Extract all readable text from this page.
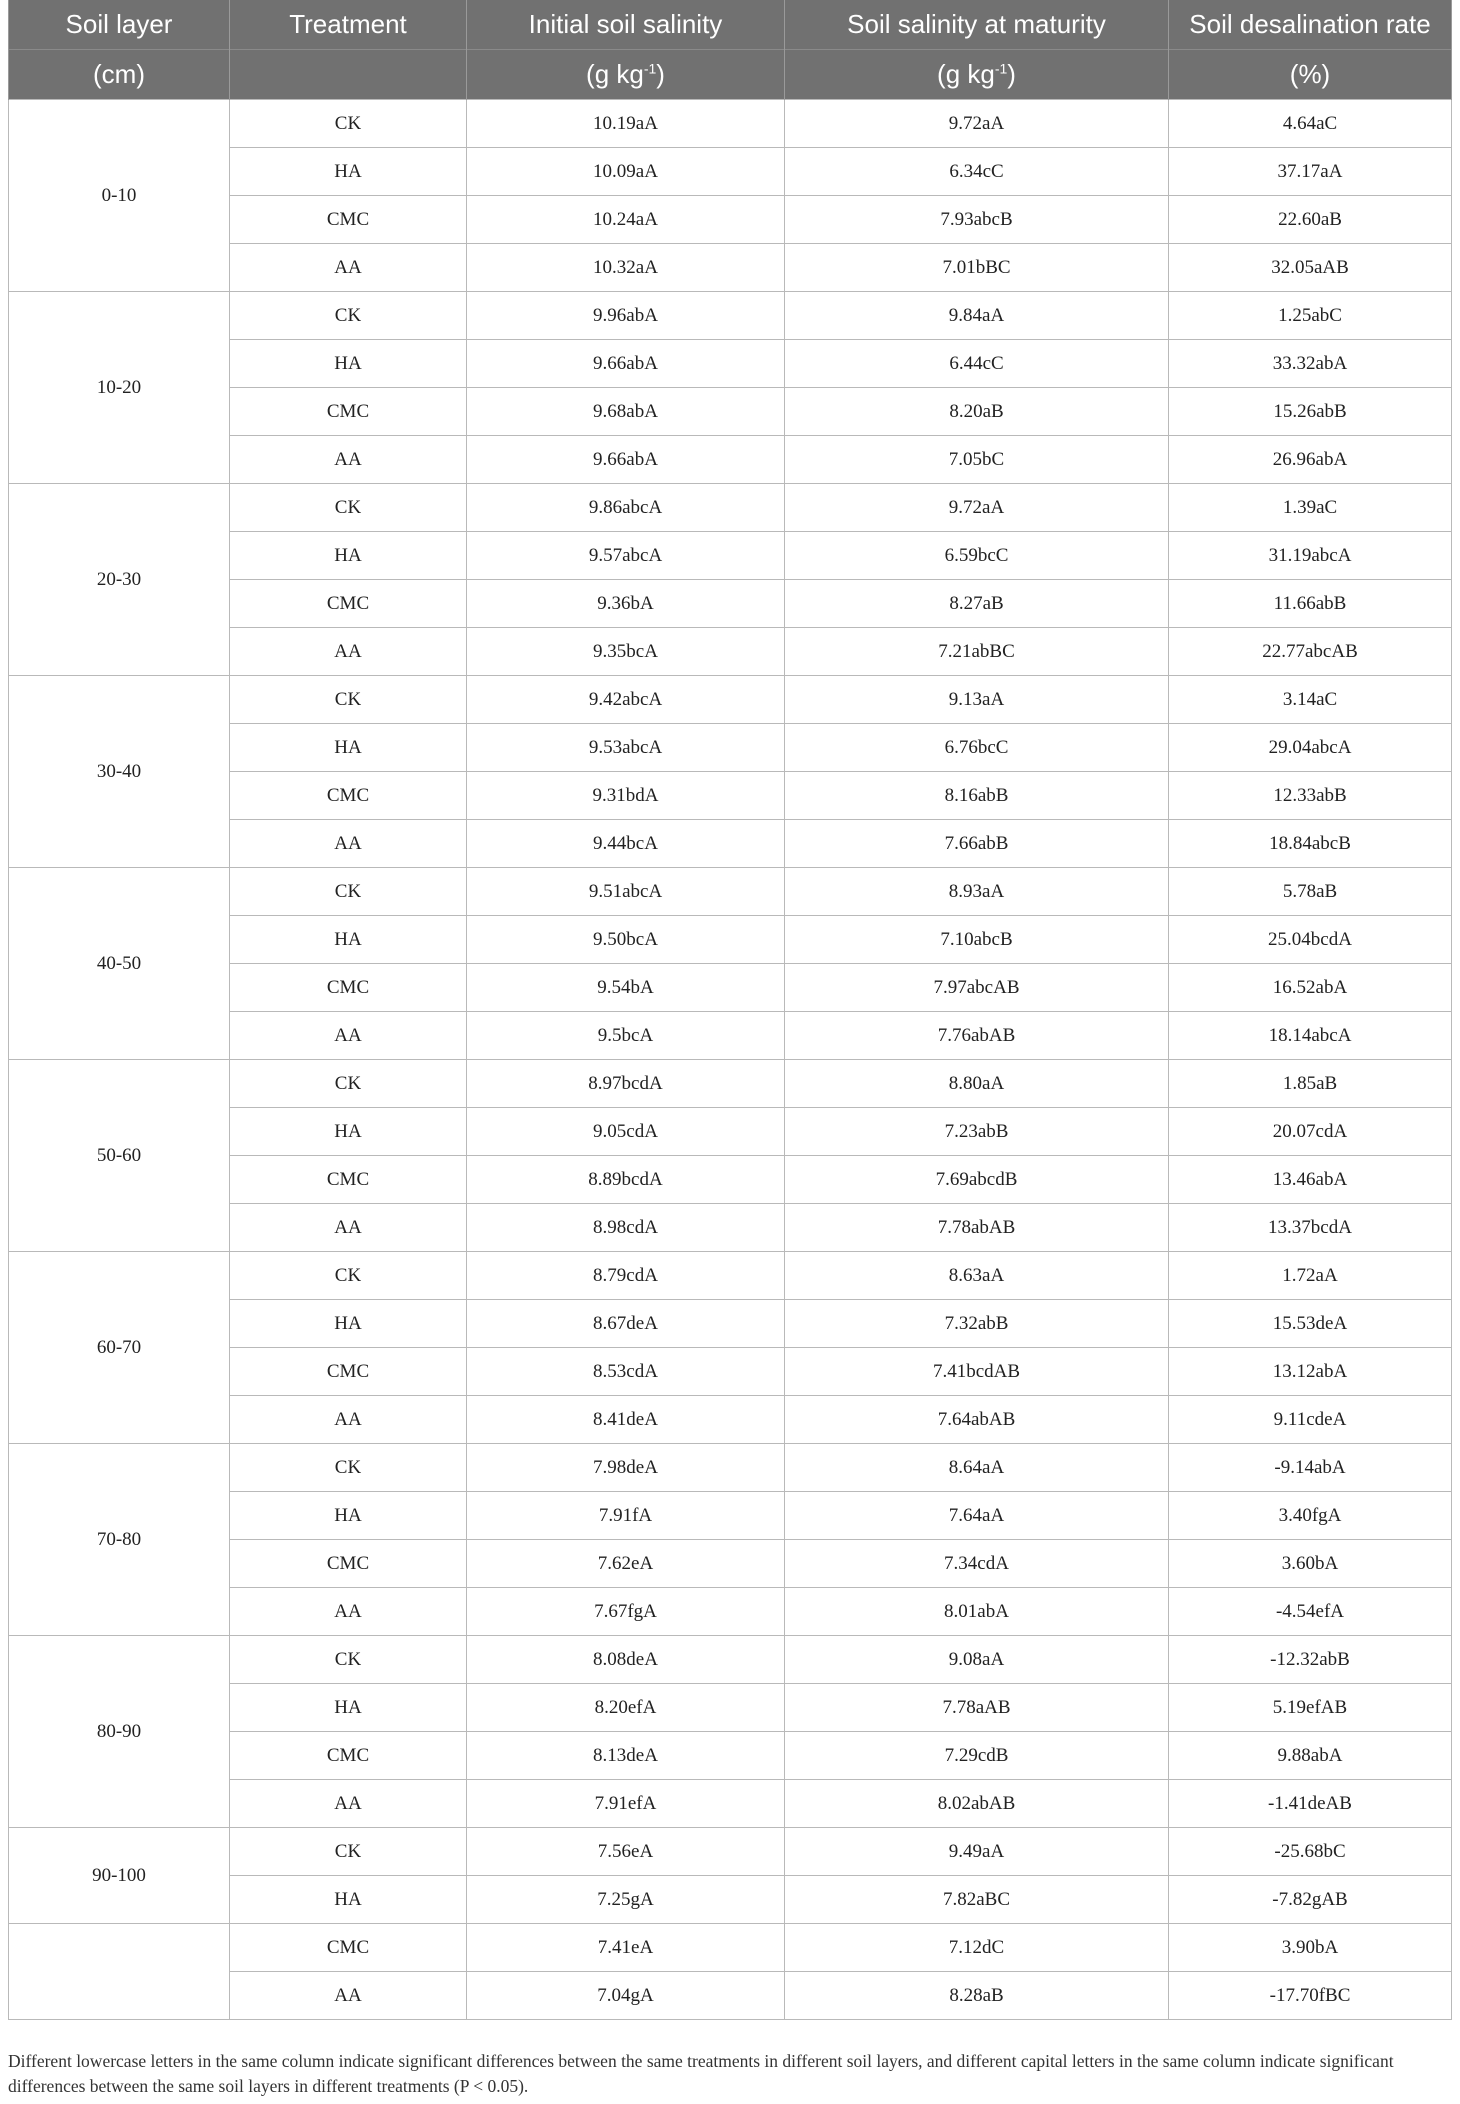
Soil layer	Treatment	Initial soil salinity	Soil salinity at maturity	Soil desalination rate
(cm)		(g $kg^{-1}$)	(g $kg^{-1}$)	(%)
0-10	CK	10.19aA	9.72aA	4.64aC
	HA	10.09aA	6.34cC	37.17aA
	CMC	10.24aA	7.93abcB	22.60aB
	AA	10.32aA	7.01bBC	32.05aAB
10-20	CK	9.96abA	9.84aA	1.25abC
	HA	9.66abA	6.44cC	33.32abA
	CMC	9.68abA	8.20aB	15.26abB
	AA	9.66abA	7.05bC	26.96abA
20-30	CK	9.86abcA	9.72aA	1.39aC
	HA	9.57abcA	6.59bcC	31.19abcA
	CMC	9.36bA	8.27aB	11.66abB
	AA	9.35bcA	7.21abBC	22.77abcAB
30-40	CK	9.42abcA	9.13aA	3.14aC
	HA	9.53abcA	6.76bcC	29.04abcA
	CMC	9.31bdA	8.16abB	12.33abB
	AA	9.44bcA	7.66abB	18.84abcB
40-50	CK	9.51abcA	8.93aA	5.78aB
	HA	9.50bcA	7.10abcB	25.04bcdA
	CMC	9.54bA	7.97abcAB	16.52abA
	AA	9.5bcA	7.76abAB	18.14abcA
50-60	CK	8.97bcdA	8.80aA	1.85aB
	HA	9.05cdA	7.23abB	20.07cdA
	CMC	8.89bcdA	7.69abcdB	13.46abA
	AA	8.98cdA	7.78abAB	13.37bcdA
60-70	CK	8.79cdA	8.63aA	1.72aA
	HA	8.67deA	7.32abB	15.53deA
	CMC	8.53cdA	7.41bcdAB	13.12abA
	AA	8.41deA	7.64abAB	9.11cdeA
70-80	CK	7.98deA	8.64aA	-9.14abA
	HA	7.91fA	7.64aA	3.40fgA
	CMC	7.62eA	7.34cdA	3.60bA
	AA	7.67fgA	8.01abA	-4.54efA
80-90	CK	8.08deA	9.08aA	-12.32abB
	HA	8.20efA	7.78aAB	5.19efAB
	CMC	8.13deA	7.29cdB	9.88abA
	AA	7.91efA	8.02abAB	-1.41deAB
90-100	CK	7.56eA	9.49aA	-25.68bC
	HA	7.25gA	7.82aBC	-7.82gAB
	CMC	7.41eA	7.12dC	3.90bA
	AA	7.04gA	8.28aB	-17.70fBC
Different lowercase letters in the same column indicate significant differences between the same treatments in different soil layers, and different capital letters in the same column indicate significant differences between the same soil layers in different treatments (P < 0.05).
